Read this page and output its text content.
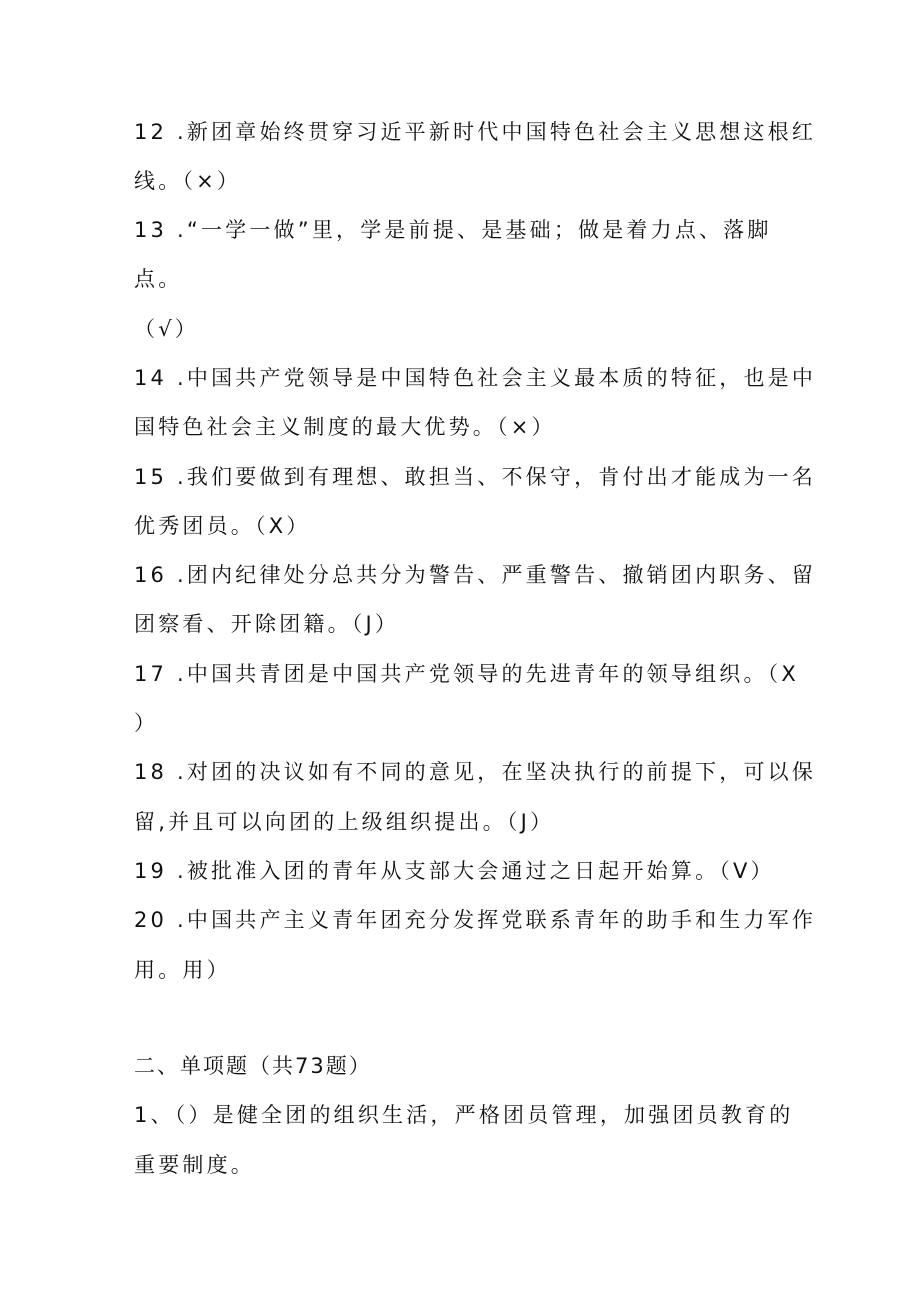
12 .新团章始终贯穿习近平新时代中国特色社会主义思想这根红
线。（×）
13 .“一学一做”里，学是前提、是基础；做是着力点、落脚
点。
（√）
14 .中国共产党领导是中国特色社会主义最本质的特征，也是中
国特色社会主义制度的最大优势。（×）
15 .我们要做到有理想、敢担当、不保守，肯付出才能成为一名
优秀团员。（X）
16 .团内纪律处分总共分为警告、严重警告、撤销团内职务、留
团察看、开除团籍。（J）
17 .中国共青团是中国共产党领导的先进青年的领导组织。（X
）
18 .对团的决议如有不同的意见，在坚决执行的前提下，可以保
留,并且可以向团的上级组织提出。（J）
19 .被批准入团的青年从支部大会通过之日起开始算。（V）
20 .中国共产主义青年团充分发挥党联系青年的助手和生力军作
用。用）
二、单项题（共73题）
1、（）是健全团的组织生活，严格团员管理，加强团员教育的
重要制度。
